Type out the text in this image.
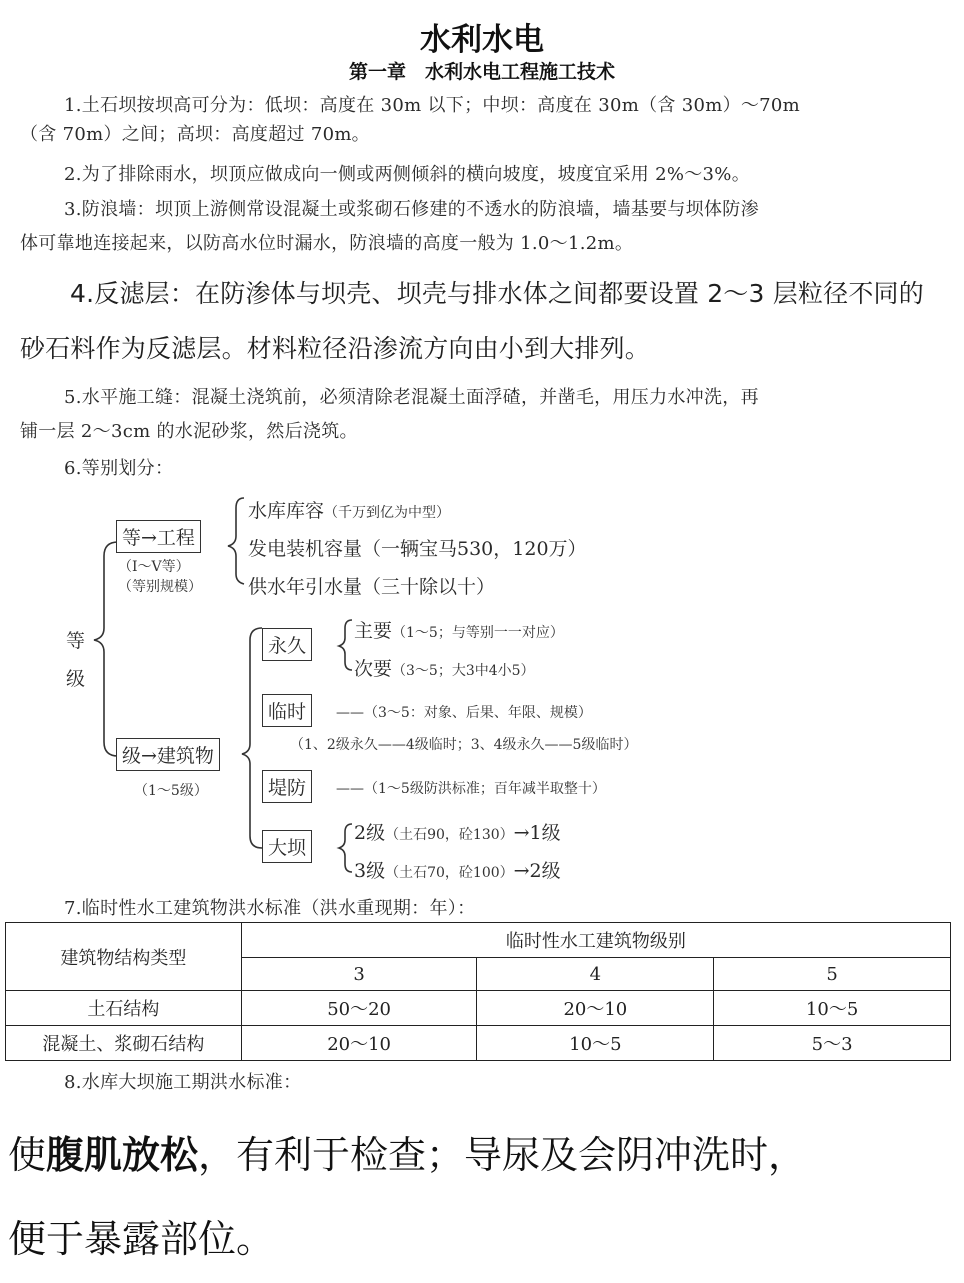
水利水电
第一章　水利水电工程施工技术
1.土石坝按坝高可分为：低坝：高度在 30m 以下；中坝：高度在 30m（含 30m）～70m
（含 70m）之间；高坝：高度超过 70m。
2.为了排除雨水，坝顶应做成向一侧或两侧倾斜的横向坡度，坡度宜采用 2%～3%。
3.防浪墙：坝顶上游侧常设混凝土或浆砌石修建的不透水的防浪墙，墙基要与坝体防渗
体可靠地连接起来，以防高水位时漏水，防浪墙的高度一般为 1.0～1.2m。
4.反滤层：在防渗体与坝壳、坝壳与排水体之间都要设置 2～3 层粒径不同的
砂石料作为反滤层。材料粒径沿渗流方向由小到大排列。
5.水平施工缝：混凝土浇筑前，必须清除老混凝土面浮碴，并凿毛，用压力水冲洗，再
铺一层 2～3cm 的水泥砂浆，然后浇筑。
6.等别划分：
等
级
等→工程
（Ⅰ～Ⅴ等）
（等别规模）
水库库容（千万到亿为中型）
发电装机容量（一辆宝马530，120万）
供水年引水量（三十除以十）
级→建筑物
（1～5级）
永久
主要（1～5；与等别一一对应）
次要（3～5；大3中4小5）
临时	——（3～5：对象、后果、年限、规模）
（1、2级永久——4级临时；3、4级永久——5级临时）
堤防	——（1～5级防洪标准；百年减半取整十）
大坝
2级（土石90，砼130）→1级
3级（土石70，砼100）→2级
7.临时性水工建筑物洪水标准（洪水重现期：年）：
建筑物结构类型	临时性水工建筑物级别		
	3	4	5
土石结构	50～20	20～10	10～5
混凝土、浆砌石结构	20～10	10～5	5～3
8.水库大坝施工期洪水标准：
使腹肌放松，有利于检查；导尿及会阴冲洗时，
便于暴露部位。
